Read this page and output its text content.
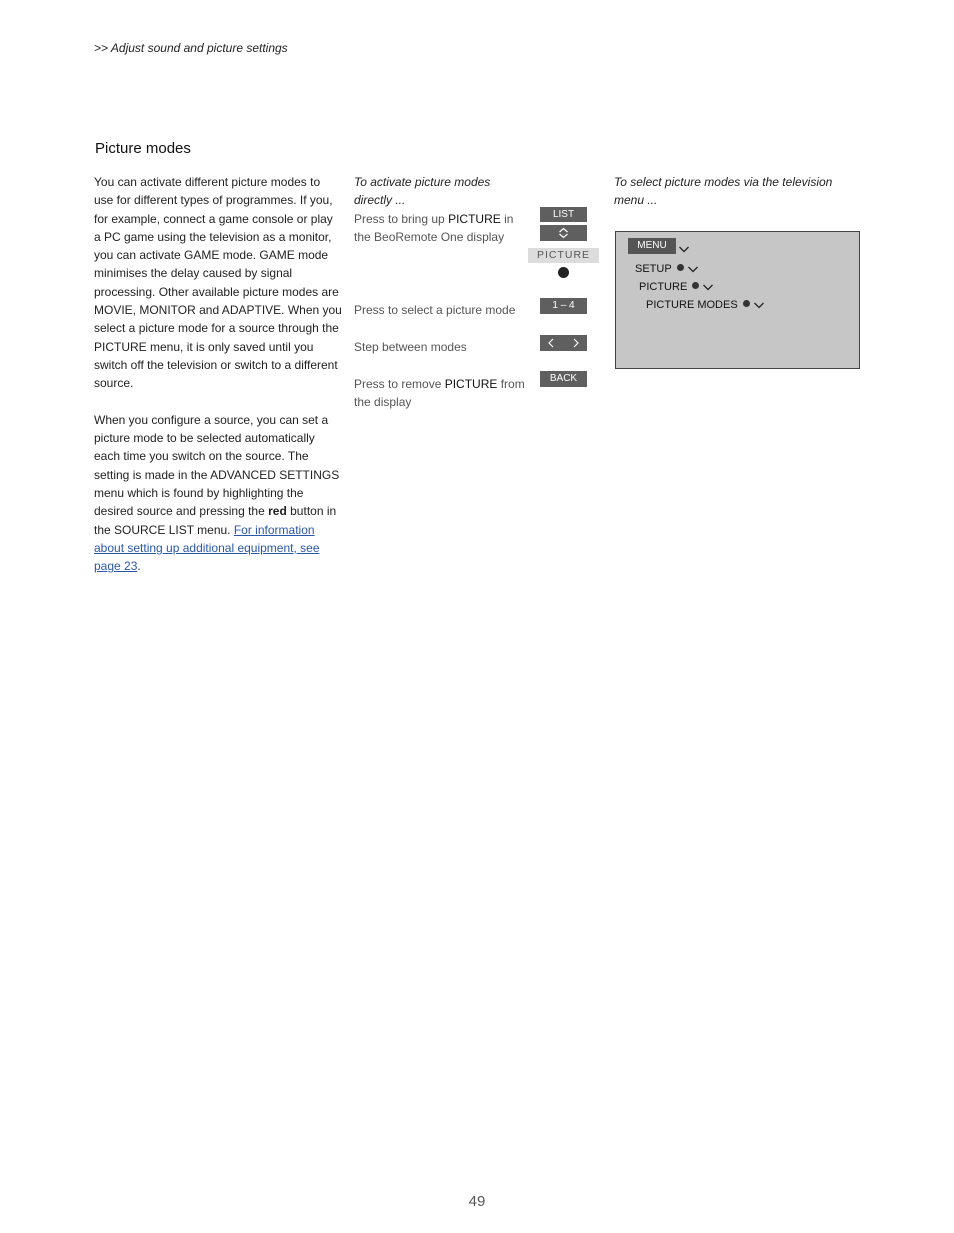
>> Adjust sound and picture settings
Picture modes

You can activate different picture modes to use for different types of programmes. If you, for example, connect a game console or play a PC game using the television as a monitor, you can activate GAME mode. GAME mode minimises the delay caused by signal processing. Other available picture modes are MOVIE, MONITOR and ADAPTIVE. When you select a picture mode for a source through the PICTURE menu, it is only saved until you switch off the television or switch to a different source.

When you configure a source, you can set a picture mode to be selected automatically each time you switch on the source. The setting is made in the ADVANCED SETTINGS menu which is found by highlighting the desired source and pressing the red button in the SOURCE LIST menu. For information about setting up additional equipment, see page 23.

To activate picture modes directly ...
Press to bring up PICTURE in the BeoRemote One display
Press to select a picture mode
Step between modes
Press to remove PICTURE from the display
LIST
PICTURE
1 – 4
BACK
To select picture modes via the television menu ...
MENU
SETUP
PICTURE
PICTURE MODES
49
